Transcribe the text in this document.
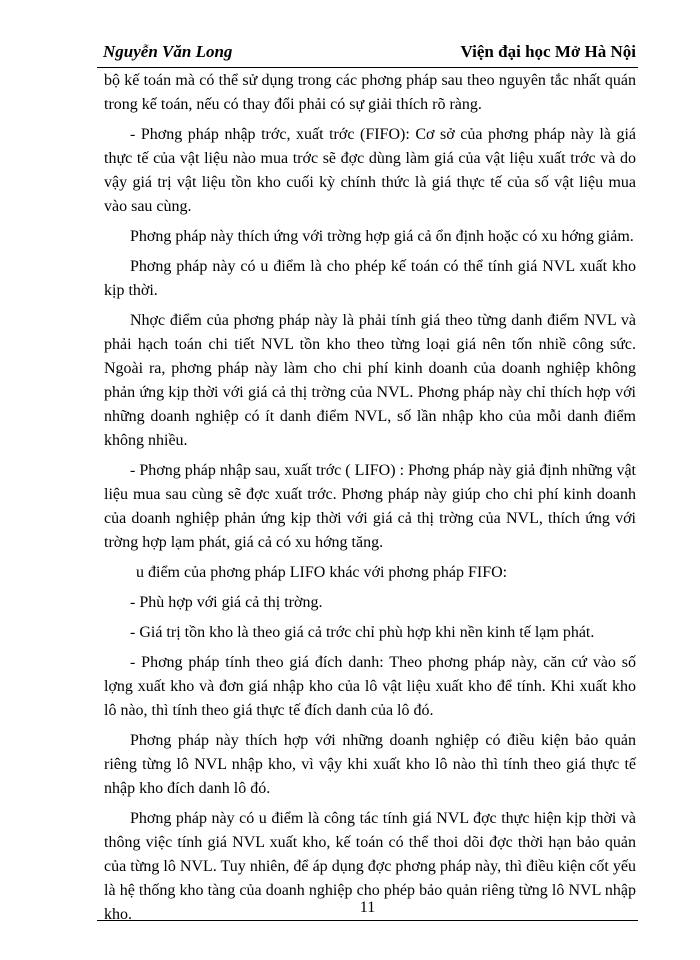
Nguyễn Văn Long	Viện đại học Mở Hà Nội

bộ kế toán mà có thể sử dụng trong các phơng pháp sau theo nguyên tắc nhất quán trong kế toán, nếu có thay đổi phải có sự giải thích rõ ràng.

- Phơng pháp nhập trớc, xuất trớc (FIFO): Cơ sở của phơng pháp này là giá thực tế của vật liệu nào mua trớc sẽ đợc dùng làm giá của vật liệu xuất trớc và do vậy giá trị vật liệu tồn kho cuối kỳ chính thức là giá thực tế của số vật liệu mua vào sau cùng.

Phơng pháp này thích ứng với trờng hợp giá cả ổn định hoặc có xu hớng giảm.

Phơng pháp này có u điểm là cho phép kế toán có thể tính giá NVL xuất kho kịp thời.

Nhợc điểm của phơng pháp này là phải tính giá theo từng danh điểm NVL và phải hạch toán chi tiết NVL tồn kho theo từng loại giá nên tốn nhiề công sức. Ngoài ra, phơng pháp này làm cho chi phí kinh doanh của doanh nghiệp không phản ứng kịp thời với giá cả thị trờng của NVL. Phơng pháp này chỉ thích hợp với những doanh nghiệp có ít danh điểm NVL, số lần nhập kho của mỗi danh điểm không nhiều.

- Phơng pháp nhập sau, xuất trớc ( LIFO) : Phơng pháp này giả định những vật liệu mua sau cùng sẽ đợc xuất trớc. Phơng pháp này giúp cho chi phí kinh doanh của doanh nghiệp phản ứng kịp thời với giá cả thị trờng của NVL, thích ứng với trờng hợp lạm phát, giá cả có xu hớng tăng.

u điểm của phơng pháp LIFO khác với phơng pháp FIFO:

- Phù hợp với giá cả thị trờng.

- Giá trị tồn kho là theo giá cả trớc chỉ phù hợp khi nền kinh tế lạm phát.

- Phơng pháp tính theo giá đích danh: Theo phơng pháp này, căn cứ vào số lợng xuất kho và đơn giá nhập kho của lô vật liệu xuất kho để tính. Khi xuất kho lô nào, thì tính theo giá thực tế đích danh của lô đó.

Phơng pháp này thích hợp với những doanh nghiệp có điều kiện bảo quản riêng từng lô NVL nhập kho, vì vậy khi xuất kho lô nào thì tính theo giá thực tế nhập kho đích danh lô đó.

Phơng pháp này có u điểm là công tác tính giá NVL đợc thực hiện kịp thời và thông việc tính giá NVL xuất kho, kế toán có thể thoi dõi đợc thời hạn bảo quản của từng lô NVL. Tuy nhiên, để áp dụng đợc phơng pháp này, thì điều kiện cốt yếu là hệ thống kho tàng của doanh nghiệp cho phép bảo quản riêng từng lô NVL nhập kho.	11
